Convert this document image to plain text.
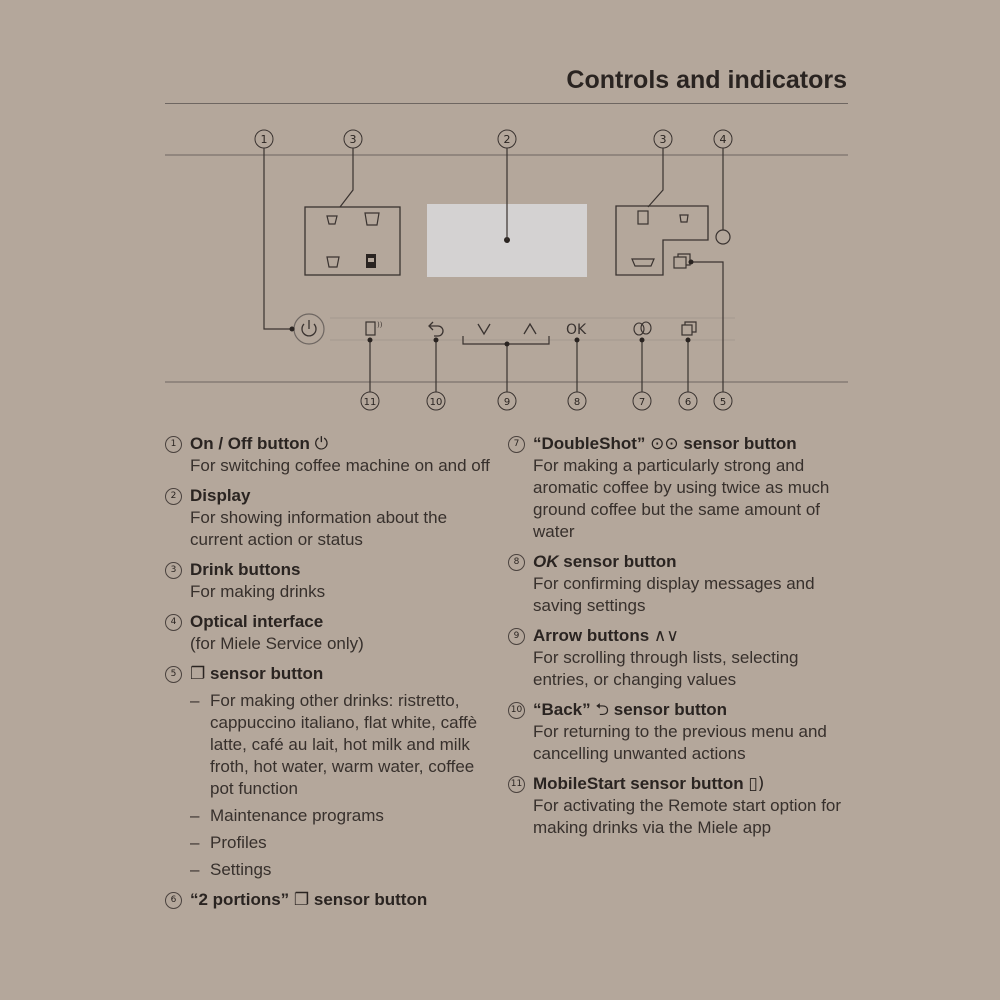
Controls and indicators
))	OK
1	3	2	3	4
11	10	9	8	7	6	5
1 On / Off button ⏻
For switching coffee machine on and off
2 Display
For showing information about the current action or status
3 Drink buttons
For making drinks
4 Optical interface
(for Miele Service only)
5 ❐ sensor button
– For making other drinks: ristretto, cappuccino italiano, flat white, caffè latte, café au lait, hot milk and milk froth, hot water, warm water, coffee pot function
– Maintenance programs
– Profiles
– Settings
6 “2 portions” ❐ sensor button
7 “DoubleShot” ⊙⊙ sensor button
For making a particularly strong and aromatic coffee by using twice as much ground coffee but the same amount of water
8 OK sensor button
For confirming display messages and saving settings
9 Arrow buttons ∧∨
For scrolling through lists, selecting entries, or changing values
10 “Back” ⮌ sensor button
For returning to the previous menu and cancelling unwanted actions
11 MobileStart sensor button ▯)
For activating the Remote start option for making drinks via the Miele app
